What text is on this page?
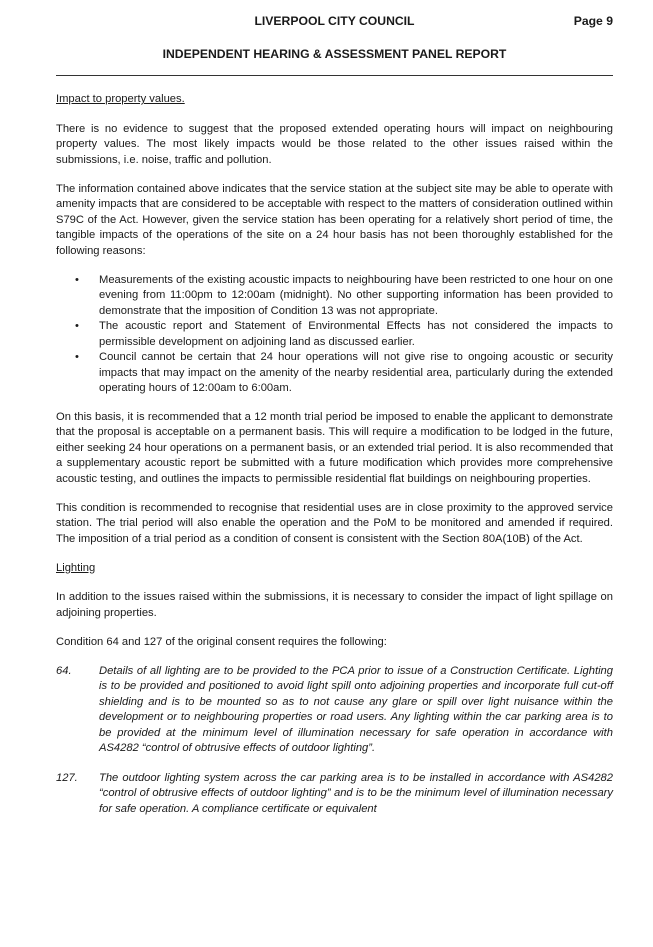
LIVERPOOL CITY COUNCIL	Page 9
INDEPENDENT HEARING & ASSESSMENT PANEL REPORT

Impact to property values.

There is no evidence to suggest that the proposed extended operating hours will impact on neighbouring property values. The most likely impacts would be those related to the other issues raised within the submissions, i.e. noise, traffic and pollution.

The information contained above indicates that the service station at the subject site may be able to operate with amenity impacts that are considered to be acceptable with respect to the matters of consideration outlined within S79C of the Act. However, given the service station has been operating for a relatively short period of time, the tangible impacts of the operations of the site on a 24 hour basis has not been thoroughly established for the following reasons:

• Measurements of the existing acoustic impacts to neighbouring have been restricted to one hour on one evening from 11:00pm to 12:00am (midnight). No other supporting information has been provided to demonstrate that the imposition of Condition 13 was not appropriate.
• The acoustic report and Statement of Environmental Effects has not considered the impacts to permissible development on adjoining land as discussed earlier.
• Council cannot be certain that 24 hour operations will not give rise to ongoing acoustic or security impacts that may impact on the amenity of the nearby residential area, particularly during the extended operating hours of 12:00am to 6:00am.

On this basis, it is recommended that a 12 month trial period be imposed to enable the applicant to demonstrate that the proposal is acceptable on a permanent basis. This will require a modification to be lodged in the future, either seeking 24 hour operations on a permanent basis, or an extended trial period. It is also recommended that a supplementary acoustic report be submitted with a future modification which provides more comprehensive acoustic testing, and outlines the impacts to permissible residential flat buildings on neighbouring properties.

This condition is recommended to recognise that residential uses are in close proximity to the approved service station. The trial period will also enable the operation and the PoM to be monitored and amended if required. The imposition of a trial period as a condition of consent is consistent with the Section 80A(10B) of the Act.

Lighting

In addition to the issues raised within the submissions, it is necessary to consider the impact of light spillage on adjoining properties.

Condition 64 and 127 of the original consent requires the following:

64. Details of all lighting are to be provided to the PCA prior to issue of a Construction Certificate. Lighting is to be provided and positioned to avoid light spill onto adjoining properties and incorporate full cut-off shielding and is to be mounted so as to not cause any glare or spill over light nuisance within the development or to neighbouring properties or road users. Any lighting within the car parking area is to be provided at the minimum level of illumination necessary for safe operation in accordance with AS4282 “control of obtrusive effects of outdoor lighting”.
127. The outdoor lighting system across the car parking area is to be installed in accordance with AS4282 “control of obtrusive effects of outdoor lighting” and is to be the minimum level of illumination necessary for safe operation. A compliance certificate or equivalent
